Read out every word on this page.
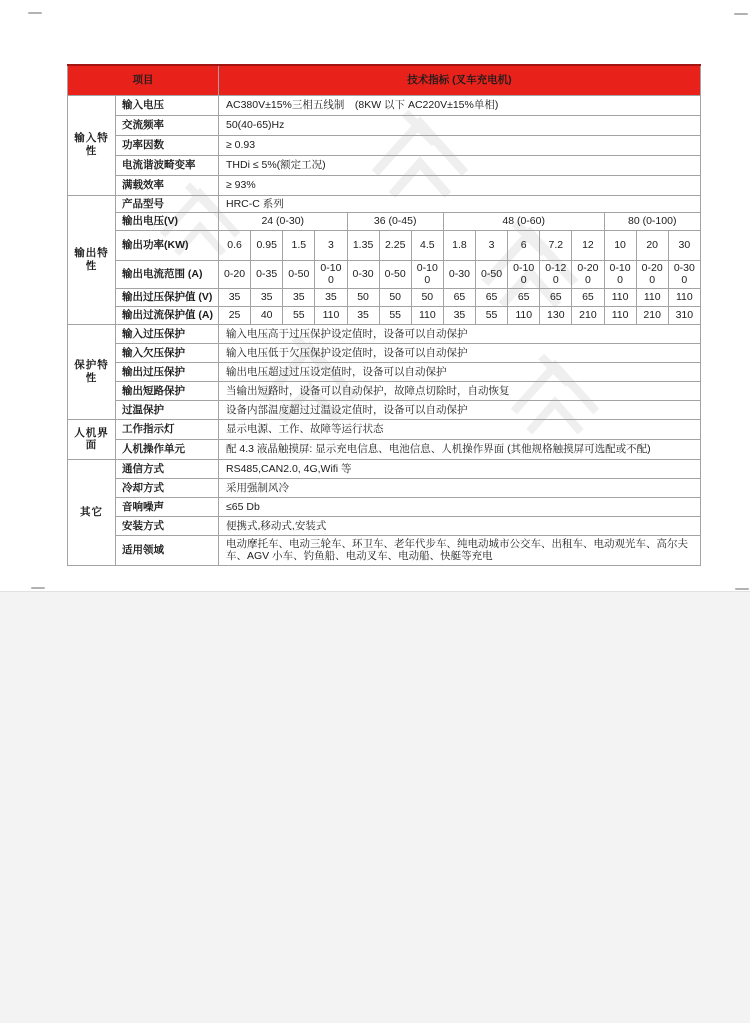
项目		技术指标 (叉车充电机)														
输入特性	输入电压	AC380V±15%三相五线制　(8KW 以下 AC220V±15%单相)														
	交流频率	50(40-65)Hz														
	功率因数	≥ 0.93														
	电流谐波畸变率	THDi ≤ 5%(额定工况)														
	满载效率	≥ 93%														
输出特性	产品型号	HRC-C 系列														
	输出电压(V)	24 (0-30)				36 (0-45)			48 (0-60)					80 (0-100)		
	输出功率(KW)	0.6	0.95	1.5	3	1.35	2.25	4.5	1.8	3	6	7.2	12	10	20	30
	输出电流范围 (A)	0-20	0-35	0-50	0-100	0-30	0-50	0-100	0-30	0-50	0-100	0-120	0-200	0-100	0-200	0-300
	输出过压保护值 (V)	35	35	35	35	50	50	50	65	65	65	65	65	110	110	110
	输出过流保护值 (A)	25	40	55	110	35	55	110	35	55	110	130	210	110	210	310
保护特性	输入过压保护	输入电压高于过压保护设定值时，设备可以自动保护														
	输入欠压保护	输入电压低于欠压保护设定值时，设备可以自动保护														
	输出过压保护	输出电压超过过压设定值时，设备可以自动保护														
	输出短路保护	当输出短路时，设备可以自动保护，故障点切除时，自动恢复														
	过温保护	设备内部温度超过过温设定值时，设备可以自动保护														
人机界面	工作指示灯	显示电源、工作、故障等运行状态														
	人机操作单元	配 4.3 液晶触摸屏: 显示充电信息、电池信息、人机操作界面 (其他规格触摸屏可选配或不配)														
其它	通信方式	RS485,CAN2.0, 4G,Wifi 等														
	冷却方式	采用强制风冷														
	音响噪声	≤65 Db														
	安装方式	便携式,移动式,安装式														
	适用领域	电动摩托车、电动三轮车、环卫车、老年代步车、纯电动城市公交车、出租车、电动观光车、高尔夫车、AGV 小车、钓鱼船、电动叉车、电动船、快艇等充电														
